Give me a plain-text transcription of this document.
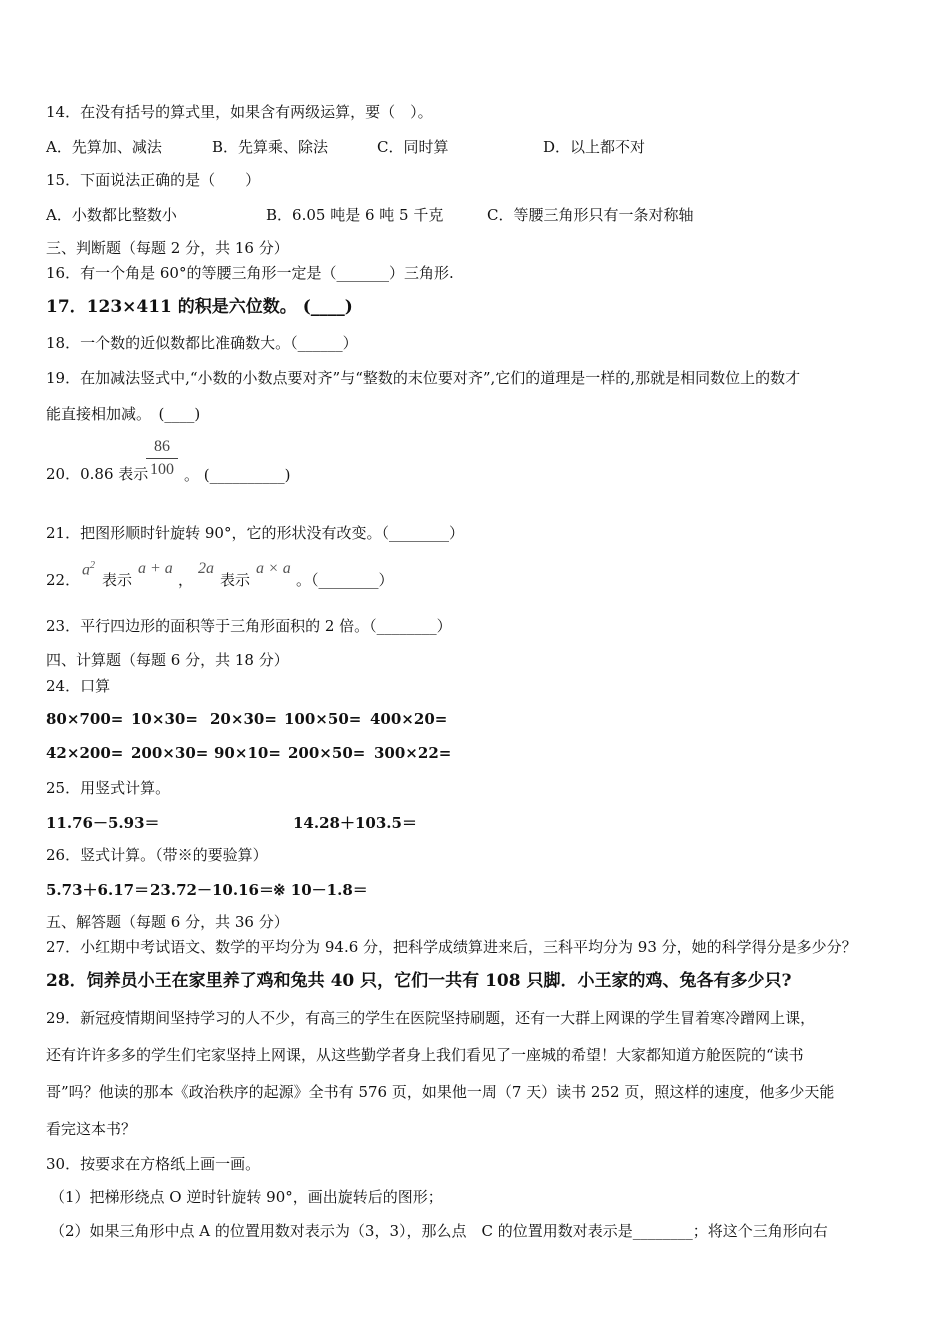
14．在没有括号的算式里，如果含有两级运算，要（　）。
A．先算加、减法	B．先算乘、除法	C．同时算	D．以上都不对
15．下面说法正确的是（　　）
A．小数都比整数小	B．6.05 吨是 6 吨 5 千克	C．等腰三角形只有一条对称轴
三、判断题（每题 2 分，共 16 分）
16．有一个角是 60°的等腰三角形一定是（_______）三角形.
17．123×411 的积是六位数。 (____)
18．一个数的近似数都比准确数大。（______）
19．在加减法竖式中,“小数的小数点要对齐”与“整数的末位要对齐”,它们的道理是一样的,那就是相同数位上的数才
能直接相加减。　(____)
20．0.86 表示
86
100 。 (__________)
21．把图形顺时针旋转 90°，它的形状没有改变。（________）
22．
$a^2$
表示
a + a
，
2a
表示
a × a
。（________）
23．平行四边形的面积等于三角形面积的 2 倍。（________）
四、计算题（每题 6 分，共 18 分）
24．口算
80×700= 10×30= 20×30= 100×50= 400×20=
42×200= 200×30= 90×10= 200×50= 300×22=
25．用竖式计算。
11.76－5.93＝	14.28＋103.5＝
26．竖式计算。（带※的要验算）
5.73＋6.17＝ 23.72－10.16＝ ※ 10－1.8＝
五、解答题（每题 6 分，共 36 分）
27．小红期中考试语文、数学的平均分为 94.6 分，把科学成绩算进来后，三科平均分为 93 分，她的科学得分是多少分？
28．饲养员小王在家里养了鸡和兔共 40 只，它们一共有 108 只脚．小王家的鸡、兔各有多少只?
29．新冠疫情期间坚持学习的人不少，有高三的学生在医院坚持刷题，还有一大群上网课的学生冒着寒冷蹭网上课，
还有许许多多的学生们宅家坚持上网课，从这些勤学者身上我们看见了一座城的希望！大家都知道方舱医院的“读书
哥”吗？他读的那本《政治秩序的起源》全书有 576 页，如果他一周（7 天）读书 252 页，照这样的速度，他多少天能
看完这本书？
30．按要求在方格纸上画一画。
（1）把梯形绕点 O 逆时针旋转 90°，画出旋转后的图形；
（2）如果三角形中点 A 的位置用数对表示为（3，3），那么点　C 的位置用数对表示是________；将这个三角形向右
